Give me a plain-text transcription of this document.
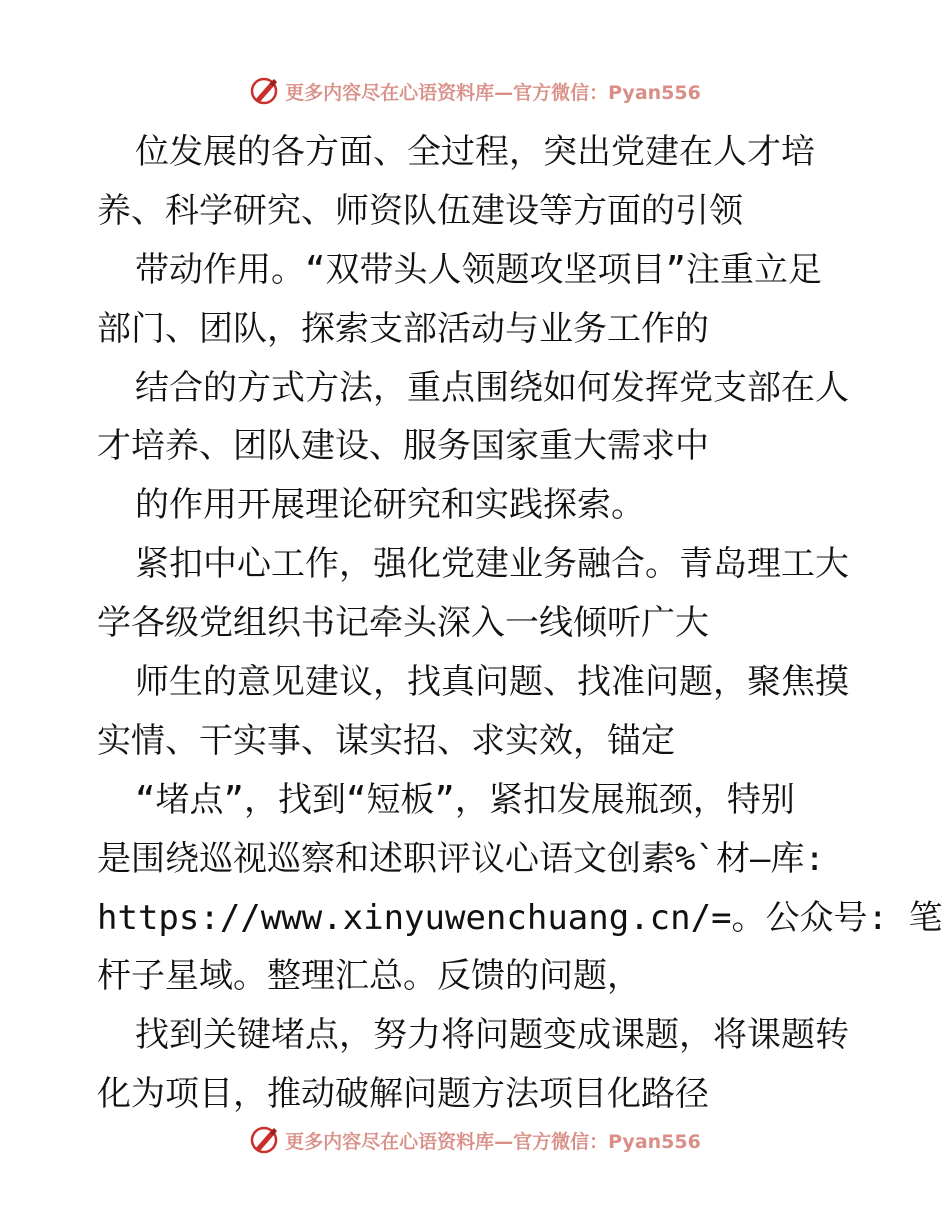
更多内容尽在心语资料库—官方微信：Pyan556
位发展的各方面、全过程，突出党建在人才培
养、科学研究、师资队伍建设等方面的引领
带动作用。“双带头人领题攻坚项目”注重立足
部门、团队，探索支部活动与业务工作的
结合的方式方法，重点围绕如何发挥党支部在人
才培养、团队建设、服务国家重大需求中
的作用开展理论研究和实践探索。
紧扣中心工作，强化党建业务融合。青岛理工大
学各级党组织书记牵头深入一线倾听广大
师生的意见建议，找真问题、找准问题，聚焦摸
实情、干实事、谋实招、求实效，锚定
“堵点”，找到“短板”，紧扣发展瓶颈，特别
是围绕巡视巡察和述职评议心语文创素%`材—库:
https://www.xinyuwenchuang.cn/=。公众号: 笔
杆子星域。整理汇总。反馈的问题，
找到关键堵点，努力将问题变成课题，将课题转
化为项目，推动破解问题方法项目化路径
更多内容尽在心语资料库—官方微信：Pyan556
